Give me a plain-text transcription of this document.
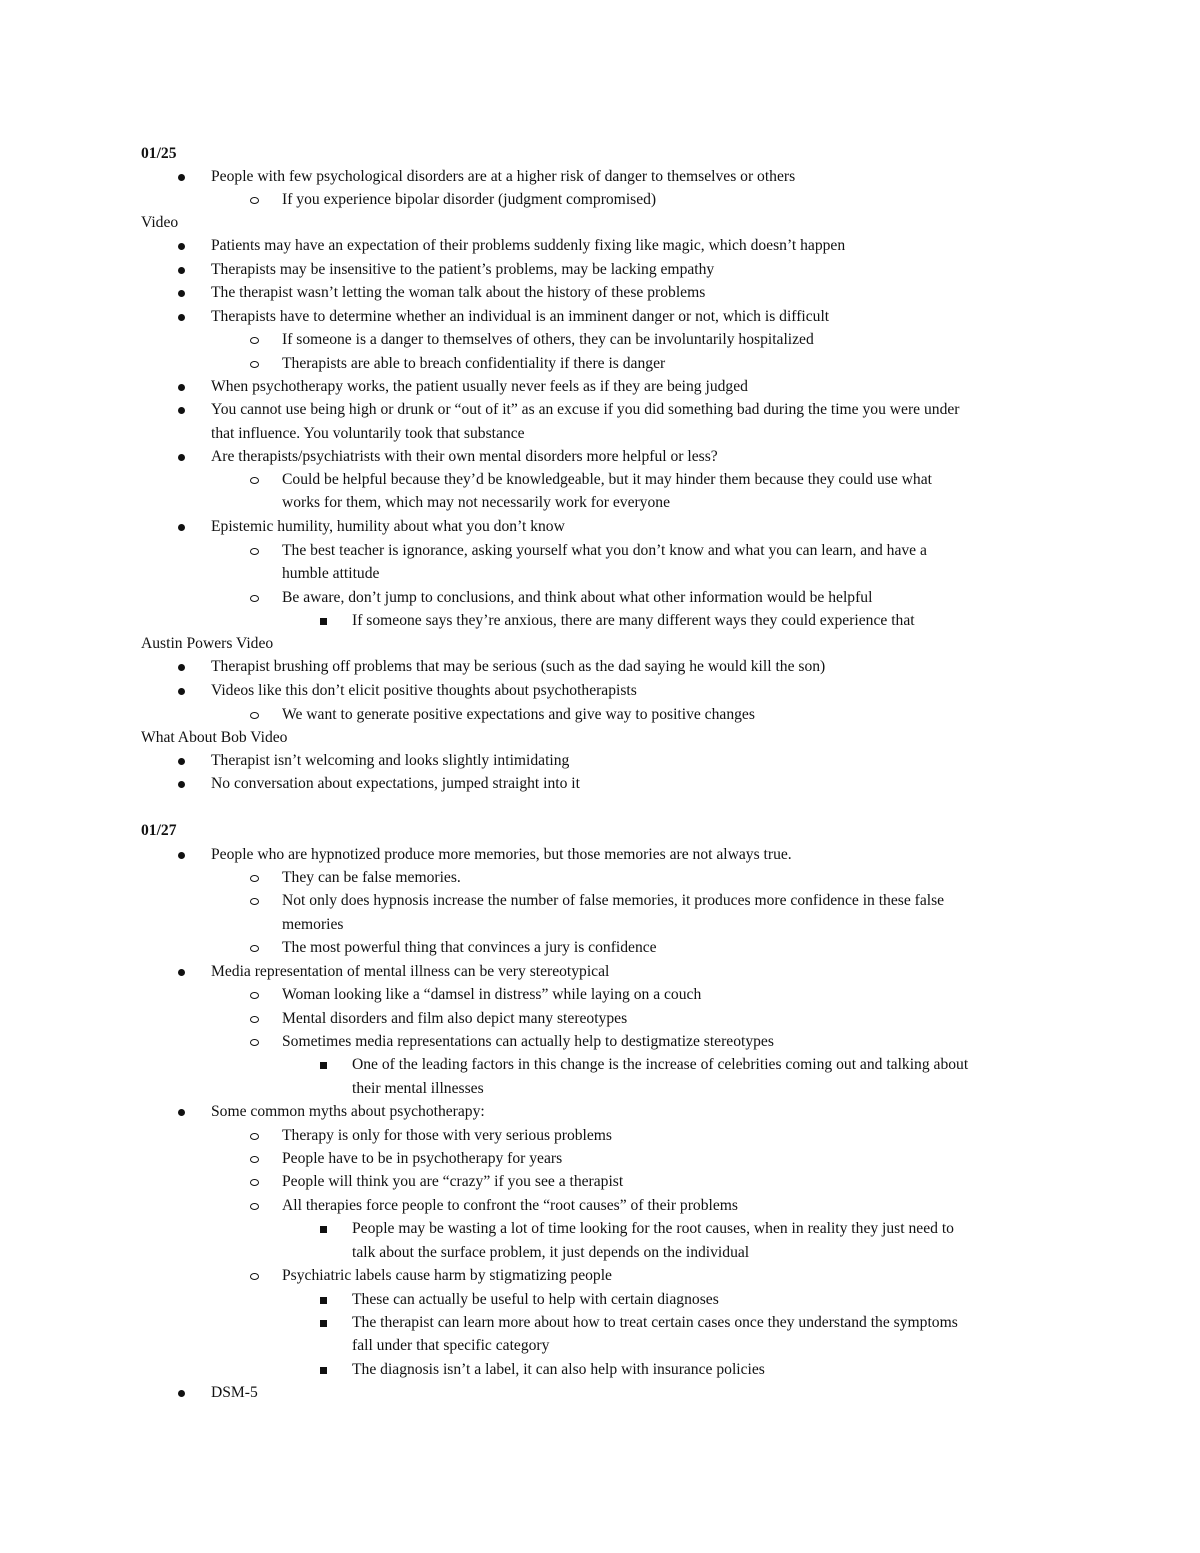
01/25
People with few psychological disorders are at a higher risk of danger to themselves or others
If you experience bipolar disorder (judgment compromised)
Video
Patients may have an expectation of their problems suddenly fixing like magic, which doesn’t happen
Therapists may be insensitive to the patient’s problems, may be lacking empathy
The therapist wasn’t letting the woman talk about the history of these problems
Therapists have to determine whether an individual is an imminent danger or not, which is difficult
If someone is a danger to themselves of others, they can be involuntarily hospitalized
Therapists are able to breach confidentiality if there is danger
When psychotherapy works, the patient usually never feels as if they are being judged
You cannot use being high or drunk or “out of it” as an excuse if you did something bad during the time you were under
that influence. You voluntarily took that substance
Are therapists/psychiatrists with their own mental disorders more helpful or less?
Could be helpful because they’d be knowledgeable, but it may hinder them because they could use what
works for them, which may not necessarily work for everyone
Epistemic humility, humility about what you don’t know
The best teacher is ignorance, asking yourself what you don’t know and what you can learn, and have a
humble attitude
Be aware, don’t jump to conclusions, and think about what other information would be helpful
If someone says they’re anxious, there are many different ways they could experience that
Austin Powers Video
Therapist brushing off problems that may be serious (such as the dad saying he would kill the son)
Videos like this don’t elicit positive thoughts about psychotherapists
We want to generate positive expectations and give way to positive changes
What About Bob Video
Therapist isn’t welcoming and looks slightly intimidating
No conversation about expectations, jumped straight into it
01/27
People who are hypnotized produce more memories, but those memories are not always true.
They can be false memories.
Not only does hypnosis increase the number of false memories, it produces more confidence in these false
memories
The most powerful thing that convinces a jury is confidence
Media representation of mental illness can be very stereotypical
Woman looking like a “damsel in distress” while laying on a couch
Mental disorders and film also depict many stereotypes
Sometimes media representations can actually help to destigmatize stereotypes
One of the leading factors in this change is the increase of celebrities coming out and talking about
their mental illnesses
Some common myths about psychotherapy:
Therapy is only for those with very serious problems
People have to be in psychotherapy for years
People will think you are “crazy” if you see a therapist
All therapies force people to confront the “root causes” of their problems
People may be wasting a lot of time looking for the root causes, when in reality they just need to
talk about the surface problem, it just depends on the individual
Psychiatric labels cause harm by stigmatizing people
These can actually be useful to help with certain diagnoses
The therapist can learn more about how to treat certain cases once they understand the symptoms
fall under that specific category
The diagnosis isn’t a label, it can also help with insurance policies
DSM-5
